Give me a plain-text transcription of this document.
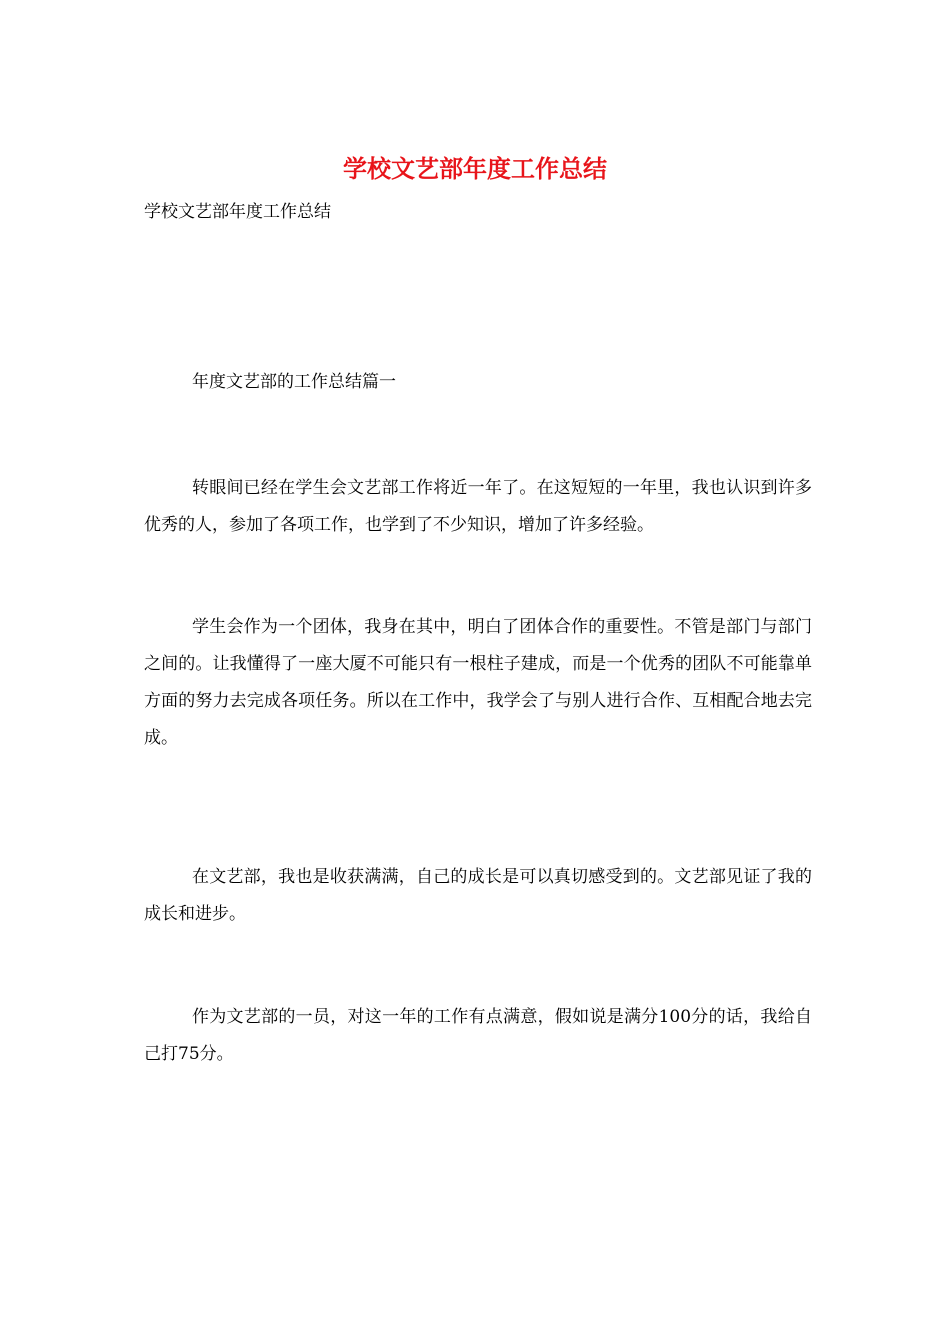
学校文艺部年度工作总结

学校文艺部年度工作总结

年度文艺部的工作总结篇一

转眼间已经在学生会文艺部工作将近一年了。在这短短的一年里，我也认识到许多优秀的人，参加了各项工作，也学到了不少知识，增加了许多经验。

学生会作为一个团体，我身在其中，明白了团体合作的重要性。不管是部门与部门之间的。让我懂得了一座大厦不可能只有一根柱子建成，而是一个优秀的团队不可能靠单方面的努力去完成各项任务。所以在工作中，我学会了与别人进行合作、互相配合地去完成。

在文艺部，我也是收获满满，自己的成长是可以真切感受到的。文艺部见证了我的成长和进步。

作为文艺部的一员，对这一年的工作有点满意，假如说是满分100分的话，我给自己打75分。
